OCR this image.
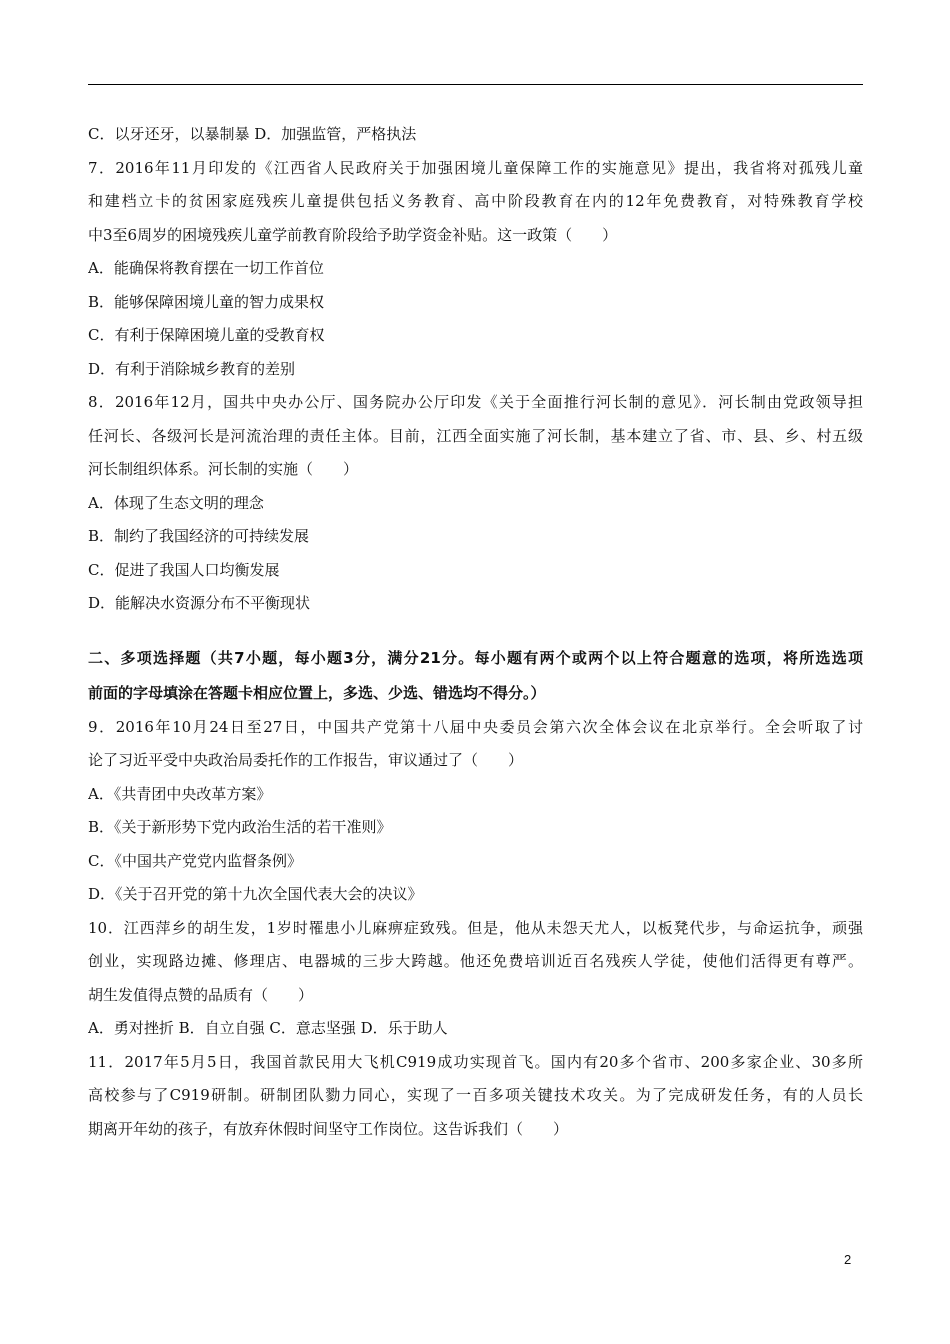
C．以牙还牙，以暴制暴 D．加强监管，严格执法
7．2016年11月印发的《江西省人民政府关于加强困境儿童保障工作的实施意见》提出，我省将对孤残儿童
和建档立卡的贫困家庭残疾儿童提供包括义务教育、高中阶段教育在内的12年免费教育，对特殊教育学校
中3至6周岁的困境残疾儿童学前教育阶段给予助学资金补贴。这一政策（　　）
A．能确保将教育摆在一切工作首位
B．能够保障困境儿童的智力成果权
C．有利于保障困境儿童的受教育权
D．有利于消除城乡教育的差别
8．2016年12月，国共中央办公厅、国务院办公厅印发《关于全面推行河长制的意见》．河长制由党政领导担
任河长、各级河长是河流治理的责任主体。目前，江西全面实施了河长制，基本建立了省、市、县、乡、村五级
河长制组织体系。河长制的实施（　　）
A．体现了生态文明的理念
B．制约了我国经济的可持续发展
C．促进了我国人口均衡发展
D．能解决水资源分布不平衡现状
二、多项选择题（共7小题，每小题3分，满分21分。每小题有两个或两个以上符合题意的选项，将所选选项
前面的字母填涂在答题卡相应位置上，多选、少选、错选均不得分。）
9．2016年10月24日至27日，中国共产党第十八届中央委员会第六次全体会议在北京举行。全会听取了讨
论了习近平受中央政治局委托作的工作报告，审议通过了（　　）
A．《共青团中央改革方案》
B．《关于新形势下党内政治生活的若干准则》
C．《中国共产党党内监督条例》
D．《关于召开党的第十九次全国代表大会的决议》
10．江西萍乡的胡生发，1岁时罹患小儿麻痹症致残。但是，他从未怨天尤人，以板凳代步，与命运抗争，顽强
创业，实现路边摊、修理店、电器城的三步大跨越。他还免费培训近百名残疾人学徒，使他们活得更有尊严。
胡生发值得点赞的品质有（　　）
A．勇对挫折 B．自立自强 C．意志坚强 D．乐于助人
11．2017年5月5日，我国首款民用大飞机C919成功实现首飞。国内有20多个省市、200多家企业、30多所
高校参与了C919研制。研制团队勠力同心，实现了一百多项关键技术攻关。为了完成研发任务，有的人员长
期离开年幼的孩子，有放弃休假时间坚守工作岗位。这告诉我们（　　）
2
